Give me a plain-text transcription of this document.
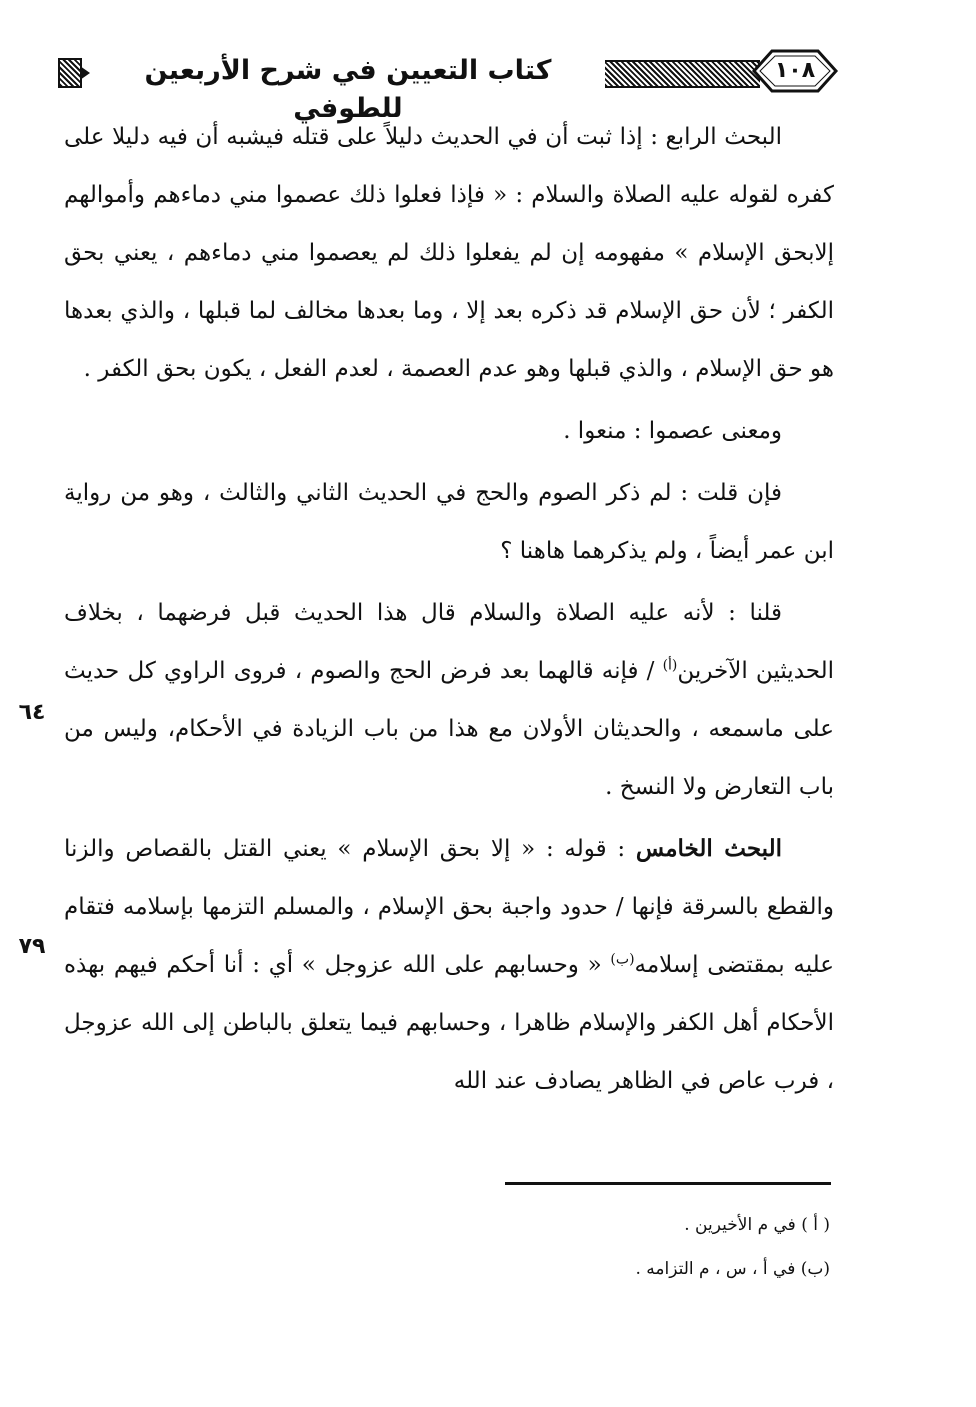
كتاب التعيين في شرح الأربعين للطوفي
١٠٨
٦٤
٧٩

البحث الرابع : إذا ثبت أن في الحديث دليلاً على قتله فيشبه أن فيه دليلا على كفره لقوله عليه الصلاة والسلام : « فإذا فعلوا ذلك عصموا مني دماءهم وأموالهم إلابحق الإسلام » مفهومه إن لم يفعلوا ذلك لم يعصموا مني دماءهم ، يعني بحق الكفر ؛ لأن حق الإسلام قد ذكره بعد إلا ، وما بعدها مخالف لما قبلها ، والذي بعدها هو حق الإسلام ، والذي قبلها وهو عدم العصمة ، لعدم الفعل ، يكون بحق الكفر .

ومعنى عصموا : منعوا .

فإن قلت : لم ذكر الصوم والحج في الحديث الثاني والثالث ، وهو من رواية ابن عمر أيضاً ، ولم يذكرهما هاهنا ؟

قلنا : لأنه عليه الصلاة والسلام قال هذا الحديث قبل فرضهما ، بخلاف الحديثين الآخرين$^{(أ)}$ / فإنه قالهما بعد فرض الحج والصوم ، فروى الراوي كل حديث على ماسمعه ، والحديثان الأولان مع هذا من باب الزيادة في الأحكام، وليس من باب التعارض ولا النسخ .

البحث الخامس : قوله : « إلا بحق الإسلام » يعني القتل بالقصاص والزنا والقطع بالسرقة فإنها / حدود واجبة بحق الإسلام ، والمسلم التزمها بإسلامه فتقام عليه بمقتضى إسلامه$^{(ب)}$ « وحسابهم على الله عزوجل » أي : أنا أحكم فيهم بهذه الأحكام أهل الكفر والإسلام ظاهرا ، وحسابهم فيما يتعلق بالباطن إلى الله عزوجل ، فرب عاص في الظاهر يصادف عند الله

( أ ) في م الأخيرين .

(ب) في أ ، س ، م التزامه .
